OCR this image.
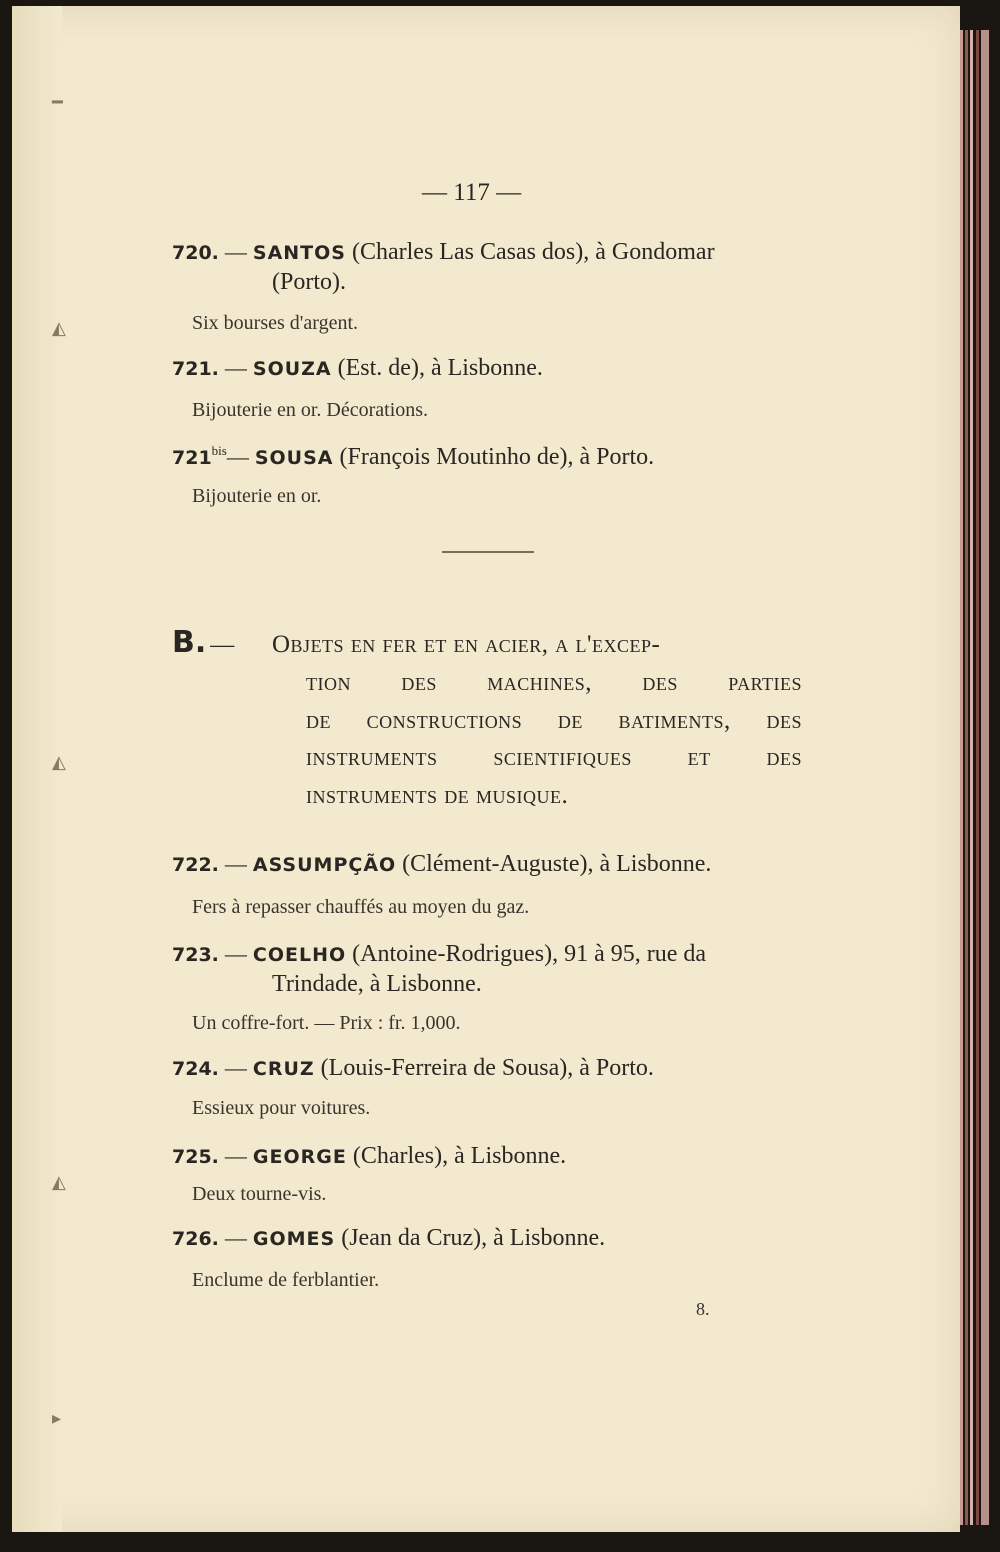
━
◭
◭
◭
▸
— 117 —
720. — SANTOS (Charles Las Casas dos), à Gondomar
(Porto).
Six bourses d'argent.
721. — SOUZA (Est. de), à Lisbonne.
Bijouterie en or. Décorations.
$721^{bis}—$ SOUSA (François Moutinho de), à Porto.
Bijouterie en or.
B. — Objets en fer et en acier, a l'excep-
tion des machines, des parties
de constructions de batiments, des
instruments scientifiques et des
instruments de musique.
722. — ASSUMPÇÃO (Clément-Auguste), à Lisbonne.
Fers à repasser chauffés au moyen du gaz.
723. — COELHO (Antoine-Rodrigues), 91 à 95, rue da
Trindade, à Lisbonne.
Un coffre-fort. — Prix : fr. 1,000.
724. — CRUZ (Louis-Ferreira de Sousa), à Porto.
Essieux pour voitures.
725. — GEORGE (Charles), à Lisbonne.
Deux tourne-vis.
726. — GOMES (Jean da Cruz), à Lisbonne.
Enclume de ferblantier.
8.
